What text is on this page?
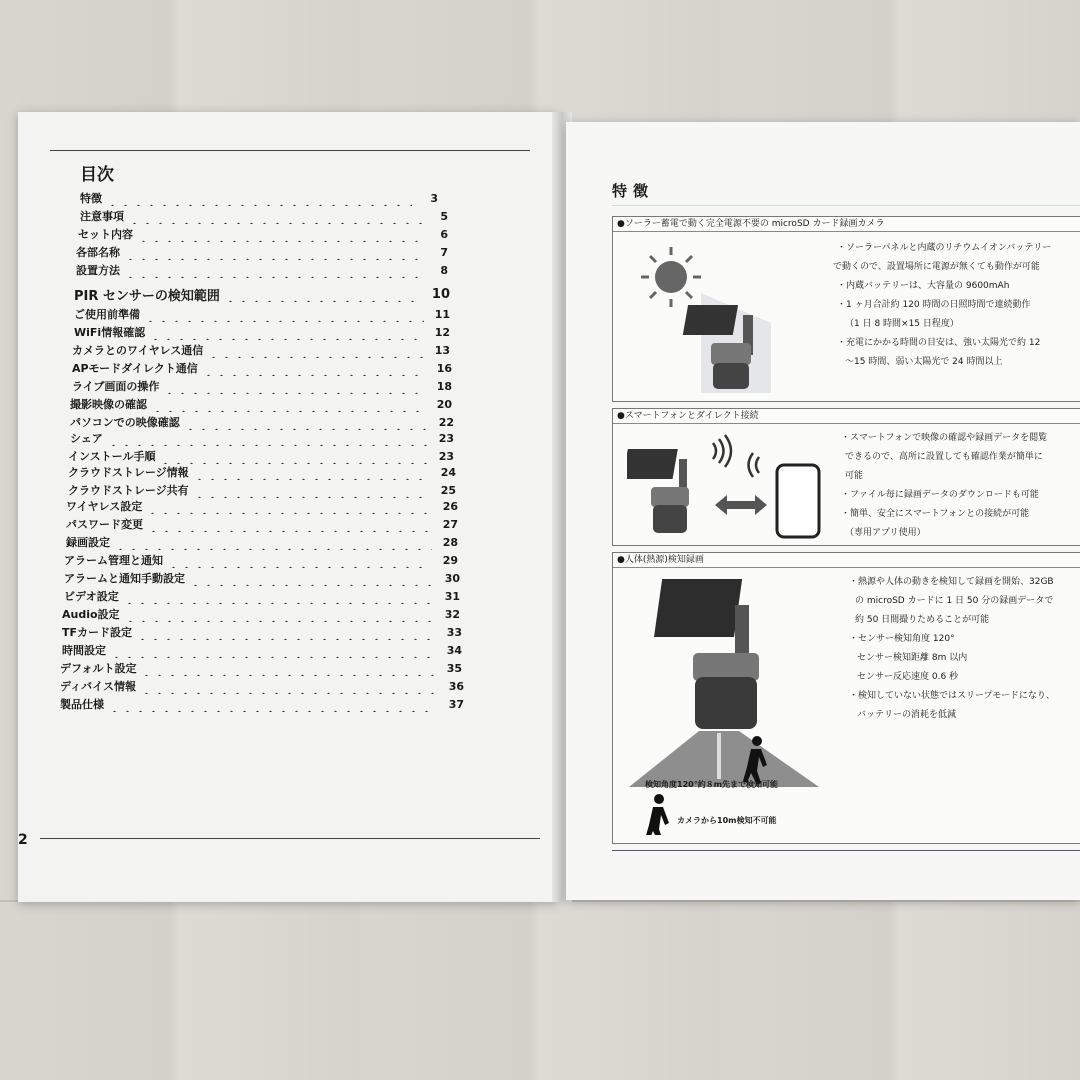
目次
特徴	3
注意事項	5
セット内容	6
各部名称	7
設置方法	8
PIR センサーの検知範囲	10
ご使用前準備	11
WiFi情報確認	12
カメラとのワイヤレス通信	13
APモードダイレクト通信	16
ライブ画面の操作	18
撮影映像の確認	20
パソコンでの映像確認	22
シェア	23
インストール手順	23
クラウドストレージ情報	24
クラウドストレージ共有	25
ワイヤレス設定	26
パスワード変更	27
録画設定	28
アラーム管理と通知	29
アラームと通知手動設定	30
ビデオ設定	31
Audio設定	32
TFカード設定	33
時間設定	34
デフォルト設定	35
ディバイス情報	36
製品仕様	37
2
特徴
●ソーラー蓄電で動く完全電源不要の microSD カード録画カメラ
・ソーラーパネルと内蔵のリチウムイオンバッテリー
で動くので、設置場所に電源が無くても動作が可能
・内蔵バッテリーは、大容量の 9600mAh
・1 ヶ月合計約 120 時間の日照時間で連続動作
（1 日 8 時間×15 日程度）
・充電にかかる時間の目安は、強い太陽光で約 12
〜15 時間、弱い太陽光で 24 時間以上
●スマートフォンとダイレクト接続
・スマートフォンで映像の確認や録画データを閲覧
できるので、高所に設置しても確認作業が簡単に
可能
・ファイル毎に録画データのダウンロードも可能
・簡単、安全にスマートフォンとの接続が可能
（専用アプリ使用）
●人体(熱源)検知録画
検知角度120°約８m先まで検知可能
カメラから10m検知不可能
・熱源や人体の動きを検知して録画を開始、32GB
の microSD カードに 1 日 50 分の録画データで
約 50 日間撮りためることが可能
・センサー検知角度 120°
センサー検知距離 8m 以内
センサー反応速度 0.6 秒
・検知していない状態ではスリープモードになり、
バッテリーの消耗を低減
